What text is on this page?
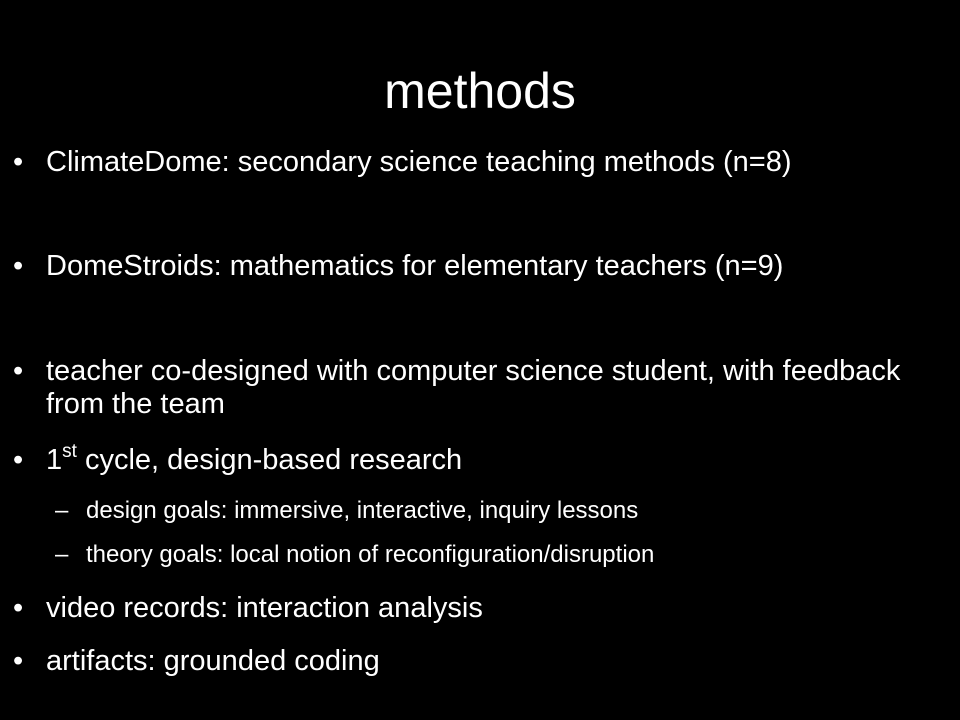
methods
• ClimateDome: secondary science teaching methods (n=8)
• DomeStroids: mathematics for elementary teachers (n=9)
• teacher co-designed with computer science student, with feedback from the team
• 1st cycle, design-based research
– design goals: immersive, interactive, inquiry lessons
– theory goals: local notion of reconfiguration/disruption
• video records: interaction analysis
• artifacts: grounded coding
